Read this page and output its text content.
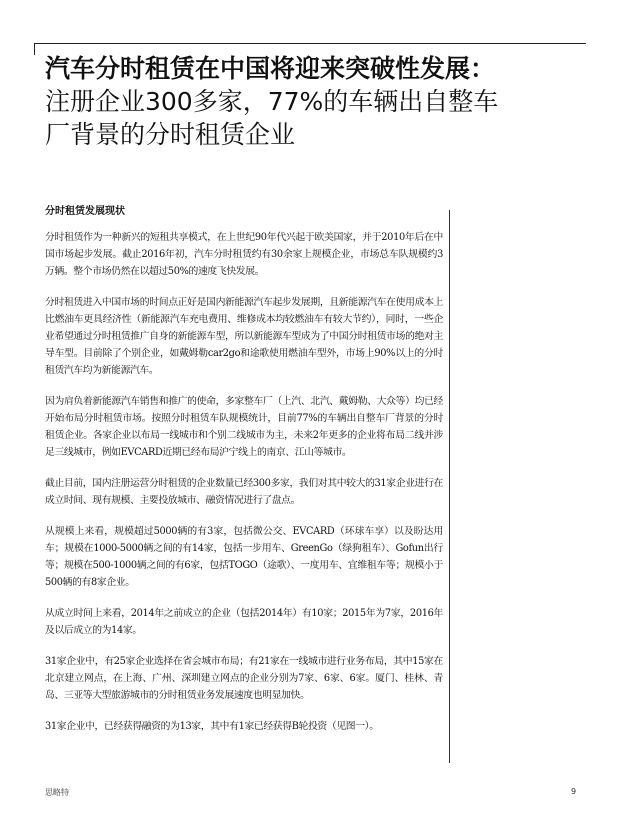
汽车分时租赁在中国将迎来突破性发展：
注册企业300多家，77%的车辆出自整车
厂背景的分时租赁企业
分时租赁发展现状

分时租赁作为一种新兴的短租共享模式，在上世纪90年代兴起于欧美国家，并于2010年后在中国市场起步发展。截止2016年初，汽车分时租赁约有30余家上规模企业，市场总车队规模约3万辆。整个市场仍然在以超过50%的速度飞快发展。

分时租赁进入中国市场的时间点正好是国内新能源汽车起步发展期，且新能源汽车在使用成本上比燃油车更具经济性（新能源汽车充电费用、维修成本均较燃油车有较大节约），同时，一些企业希望通过分时租赁推广自身的新能源车型，所以新能源车型成为了中国分时租赁市场的绝对主导车型。目前除了个别企业，如戴姆勒car2go和途歌使用燃油车型外，市场上90%以上的分时租赁汽车均为新能源汽车。

因为肩负着新能源汽车销售和推广的使命，多家整车厂（上汽、北汽、戴姆勒、大众等）均已经开始布局分时租赁市场。按照分时租赁车队规模统计，目前77%的车辆出自整车厂背景的分时租赁企业。各家企业以布局一线城市和个别二线城市为主，未来2年更多的企业将布局二线并涉足三线城市，例如EVCARD近期已经布局沪宁线上的南京、江山等城市。

截止目前，国内注册运营分时租赁的企业数量已经300多家，我们对其中较大的31家企业进行在成立时间、现有规模、主要投放城市、融资情况进行了盘点。

从规模上来看，规模超过5000辆的有3家，包括微公交、EVCARD（环球车享）以及盼达用车；规模在1000-5000辆之间的有14家，包括一步用车、GreenGo（绿狗租车）、Gofun出行等；规模在500-1000辆之间的有6家，包括TOGO（途歌）、一度用车、宜维租车等；规模小于500辆的有8家企业。

从成立时间上来看，2014年之前成立的企业（包括2014年）有10家；2015年为7家，2016年及以后成立的为14家。

31家企业中，有25家企业选择在省会城市布局；有21家在一线城市进行业务布局，其中15家在北京建立网点，在上海、广州、深圳建立网点的企业分别为7家、6家、6家。厦门、桂林、青岛、三亚等大型旅游城市的分时租赁业务发展速度也明显加快。

31家企业中，已经获得融资的为13家，其中有1家已经获得B轮投资（见图一）。

思略特	9
